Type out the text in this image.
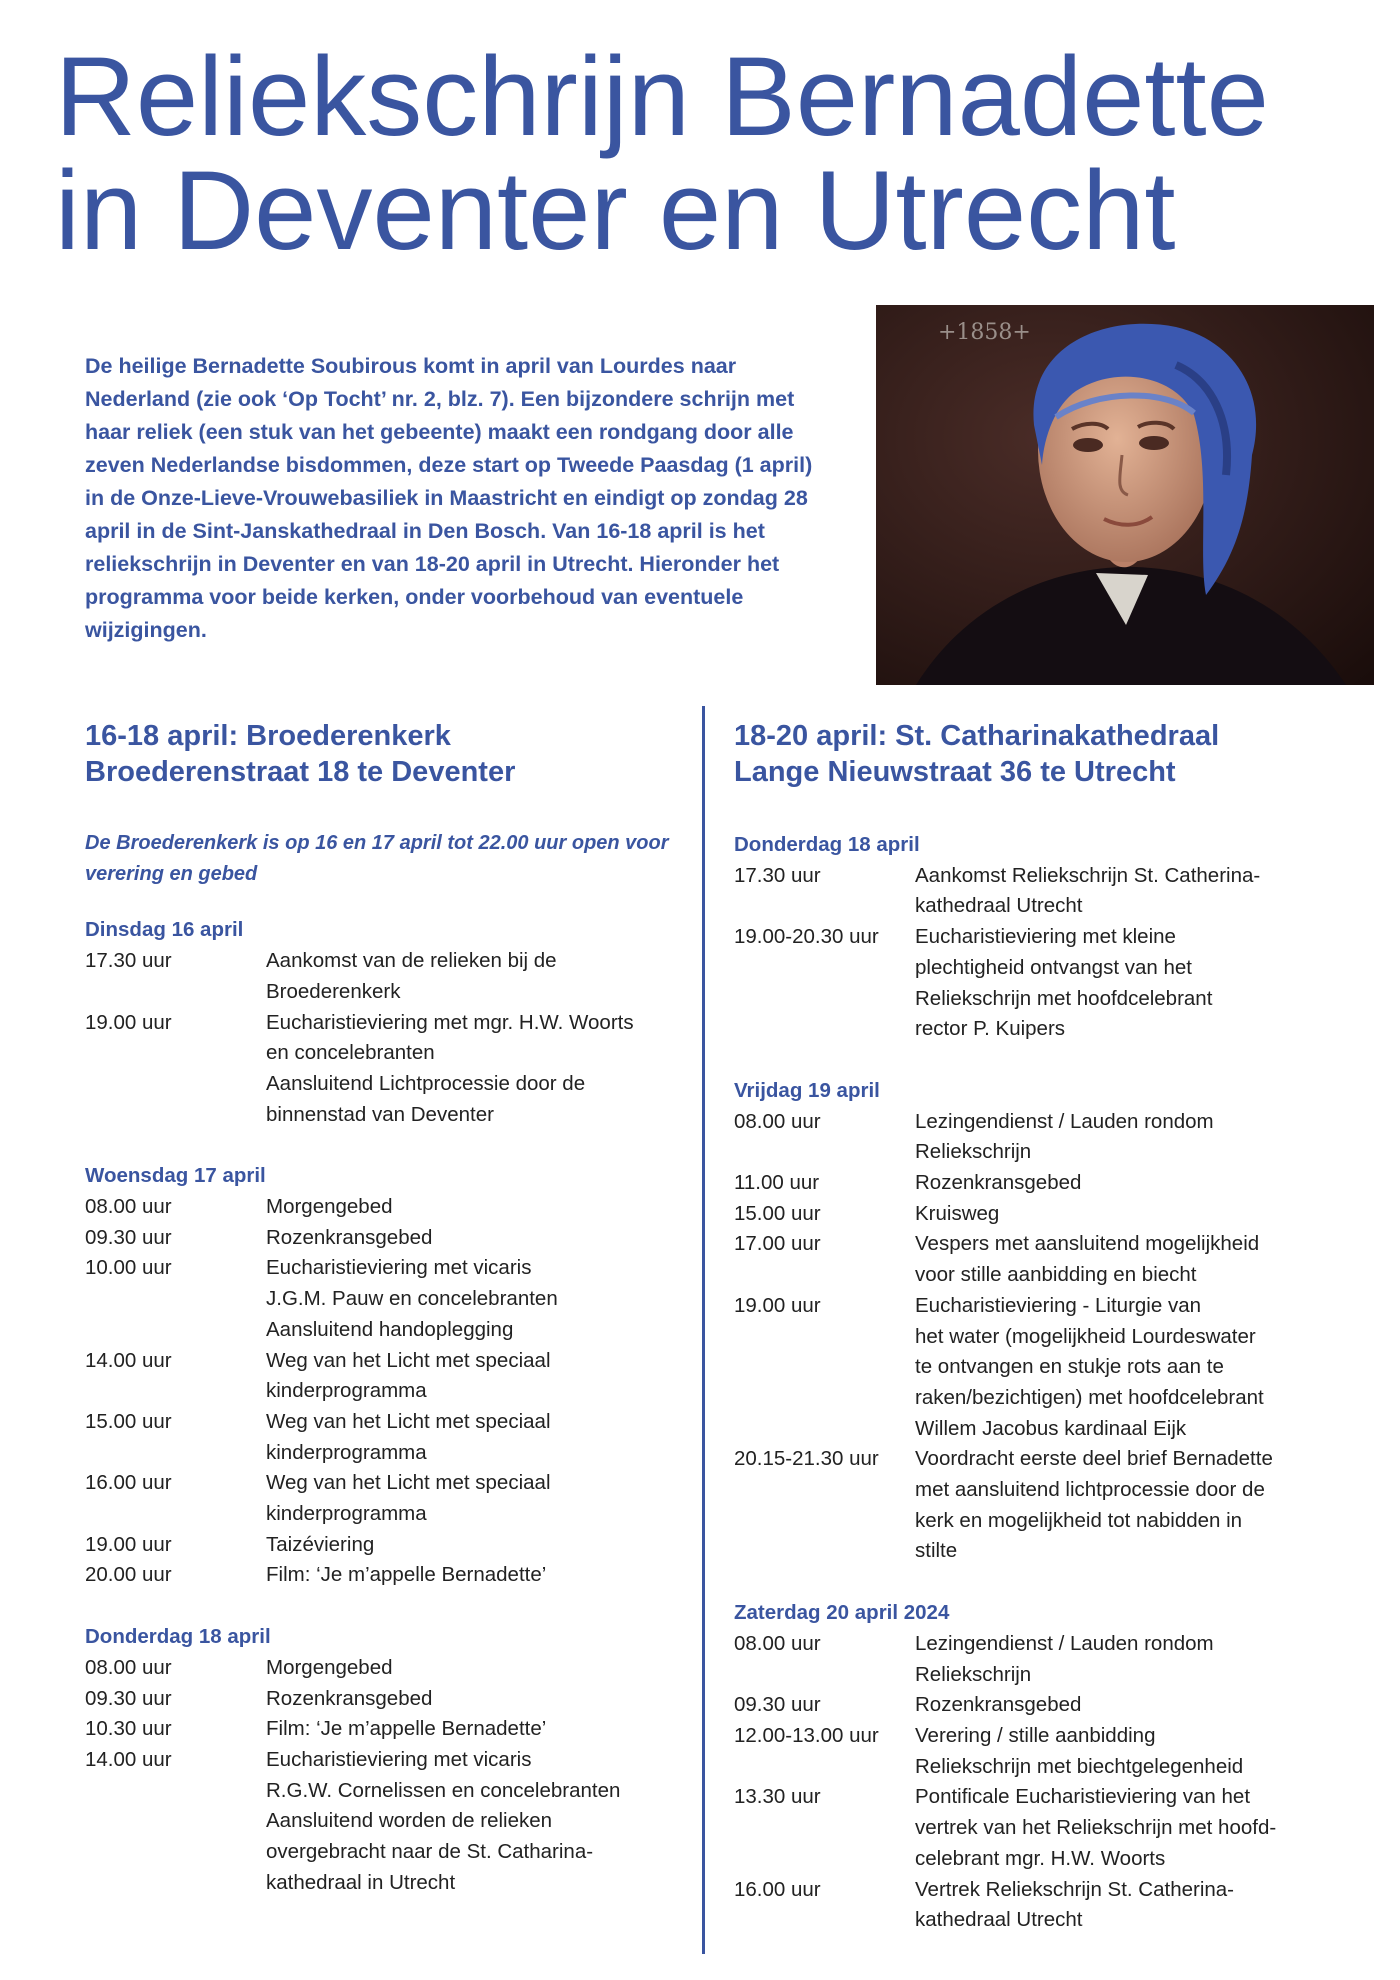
Reliekschrijn Bernadette
in Deventer en Utrecht

De heilige Bernadette Soubirous komt in april van Lourdes naar Nederland (zie ook ‘Op Tocht’ nr. 2, blz. 7). Een bijzondere schrijn met haar reliek (een stuk van het gebeente) maakt een rondgang door alle zeven Nederlandse bisdommen, deze start op Tweede Paasdag (1 april) in de Onze-Lieve-Vrouwebasiliek in Maastricht en eindigt op zondag 28 april in de Sint-Janskathedraal in Den Bosch. Van 16-18 april is het reliekschrijn in Deventer en van 18-20 april in Utrecht. Hieronder het programma voor beide kerken, onder voorbehoud van eventuele wijzigingen.

+1858+
16-18 april: Broederenkerk
Broederenstraat 18 te Deventer

De Broederenkerk is op 16 en 17 april tot 22.00 uur open voor verering en gebed

Dinsdag 16 april
17.30 uur	Aankomst van de relieken bij de
Broederenkerk
19.00 uur	Eucharistieviering met mgr. H.W. Woorts
en concelebranten
Aansluitend Lichtprocessie door de
binnenstad van Deventer
Woensdag 17 april
08.00 uur	Morgengebed
09.30 uur	Rozenkransgebed
10.00 uur	Eucharistieviering met vicaris
J.G.M. Pauw en concelebranten
Aansluitend handoplegging
14.00 uur	Weg van het Licht met speciaal
kinderprogramma
15.00 uur	Weg van het Licht met speciaal
kinderprogramma
16.00 uur	Weg van het Licht met speciaal
kinderprogramma
19.00 uur	Taizéviering
20.00 uur	Film: ‘Je m’appelle Bernadette’
Donderdag 18 april
08.00 uur	Morgengebed
09.30 uur	Rozenkransgebed
10.30 uur	Film: ‘Je m’appelle Bernadette’
14.00 uur	Eucharistieviering met vicaris
R.G.W. Cornelissen en concelebranten
Aansluitend worden de relieken
overgebracht naar de St. Catharina-
kathedraal in Utrecht
18-20 april: St. Catharinakathedraal
Lange Nieuwstraat 36 te Utrecht
Donderdag 18 april
17.30 uur	Aankomst Reliekschrijn St. Catherina-
kathedraal Utrecht
19.00-20.30 uur	Eucharistieviering met kleine
plechtigheid ontvangst van het
Reliekschrijn met hoofdcelebrant
rector P. Kuipers
Vrijdag 19 april
08.00 uur	Lezingendienst / Lauden rondom
Reliekschrijn
11.00 uur	Rozenkransgebed
15.00 uur	Kruisweg
17.00 uur	Vespers met aansluitend mogelijkheid
voor stille aanbidding en biecht
19.00 uur	Eucharistieviering - Liturgie van
het water (mogelijkheid Lourdeswater
te ontvangen en stukje rots aan te
raken/bezichtigen) met hoofdcelebrant
Willem Jacobus kardinaal Eijk
20.15-21.30 uur	Voordracht eerste deel brief Bernadette
met aansluitend lichtprocessie door de
kerk en mogelijkheid tot nabidden in
stilte
Zaterdag 20 april 2024
08.00 uur	Lezingendienst / Lauden rondom
Reliekschrijn
09.30 uur	Rozenkransgebed
12.00-13.00 uur	Verering / stille aanbidding
Reliekschrijn met biechtgelegenheid
13.30 uur	Pontificale Eucharistieviering van het
vertrek van het Reliekschrijn met hoofd-
celebrant mgr. H.W. Woorts
16.00 uur	Vertrek Reliekschrijn St. Catherina-
kathedraal Utrecht
